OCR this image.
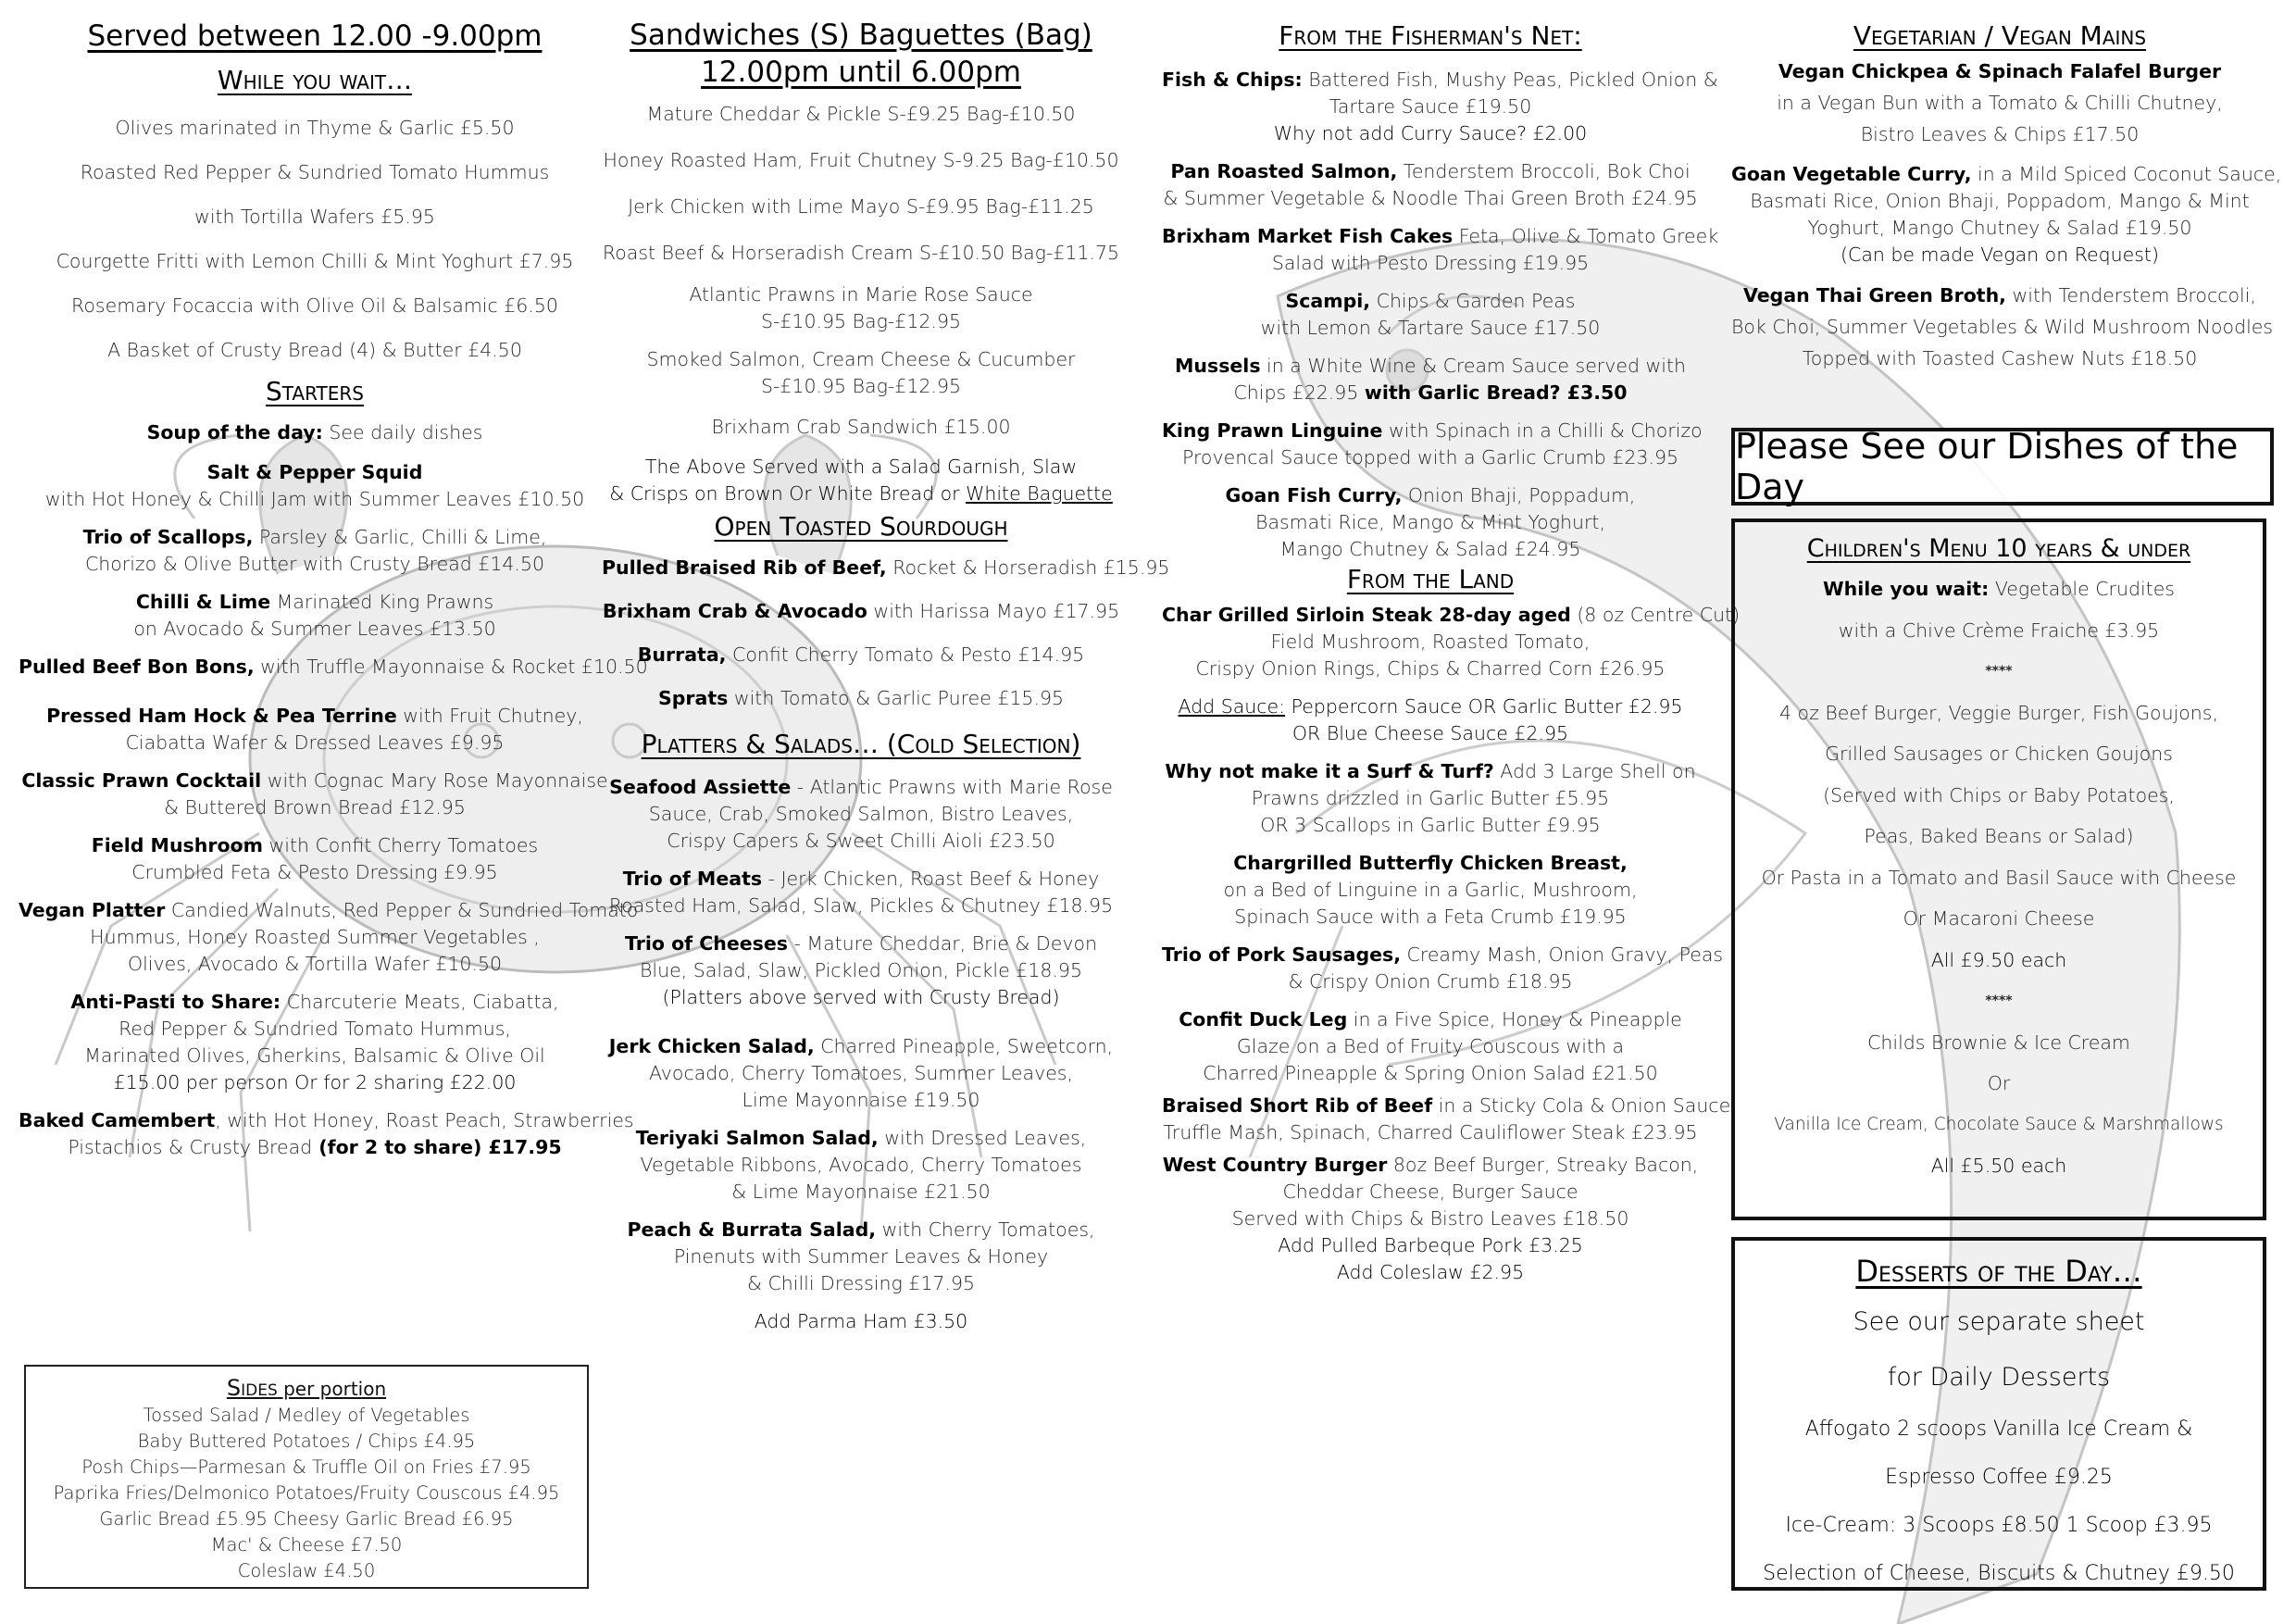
Served between 12.00 -9.00pm
While you wait…
Olives marinated in Thyme & Garlic £5.50
Roasted Red Pepper & Sundried Tomato Hummus
with Tortilla Wafers £5.95
Courgette Fritti with Lemon Chilli & Mint Yoghurt £7.95
Rosemary Focaccia with Olive Oil & Balsamic £6.50
A Basket of Crusty Bread (4) & Butter £4.50
Starters
Soup of the day: See daily dishes
Salt & Pepper Squid
with Hot Honey & Chilli Jam with Summer Leaves £10.50
Trio of Scallops, Parsley & Garlic, Chilli & Lime,
Chorizo & Olive Butter with Crusty Bread £14.50
Chilli & Lime Marinated King Prawns
on Avocado & Summer Leaves £13.50
Pulled Beef Bon Bons, with Truffle Mayonnaise & Rocket £10.50
Pressed Ham Hock & Pea Terrine with Fruit Chutney,
Ciabatta Wafer & Dressed Leaves £9.95
Classic Prawn Cocktail with Cognac Mary Rose Mayonnaise
& Buttered Brown Bread £12.95
Field Mushroom with Confit Cherry Tomatoes
Crumbled Feta & Pesto Dressing £9.95
Vegan Platter Candied Walnuts, Red Pepper & Sundried Tomato
Hummus, Honey Roasted Summer Vegetables ,
Olives, Avocado & Tortilla Wafer £10.50
Anti-Pasti to Share: Charcuterie Meats, Ciabatta,
Red Pepper & Sundried Tomato Hummus,
Marinated Olives, Gherkins, Balsamic & Olive Oil
£15.00 per person Or for 2 sharing £22.00
Baked Camembert, with Hot Honey, Roast Peach, Strawberries
Pistachios & Crusty Bread (for 2 to share) £17.95
Sides per portion
Tossed Salad / Medley of Vegetables
Baby Buttered Potatoes / Chips £4.95
Posh Chips—Parmesan & Truffle Oil on Fries £7.95
Paprika Fries/Delmonico Potatoes/Fruity Couscous £4.95
Garlic Bread £5.95 Cheesy Garlic Bread £6.95
Mac' & Cheese £7.50
Coleslaw £4.50
Sandwiches (S) Baguettes (Bag)
12.00pm until 6.00pm
Mature Cheddar & Pickle S-£9.25 Bag-£10.50
Honey Roasted Ham, Fruit Chutney S-9.25 Bag-£10.50
Jerk Chicken with Lime Mayo S-£9.95 Bag-£11.25
Roast Beef & Horseradish Cream S-£10.50 Bag-£11.75
Atlantic Prawns in Marie Rose Sauce
S-£10.95 Bag-£12.95
Smoked Salmon, Cream Cheese & Cucumber
S-£10.95 Bag-£12.95
Brixham Crab Sandwich £15.00
The Above Served with a Salad Garnish, Slaw
& Crisps on Brown Or White Bread or White Baguette
Open Toasted Sourdough
Pulled Braised Rib of Beef, Rocket & Horseradish £15.95
Brixham Crab & Avocado with Harissa Mayo £17.95
Burrata, Confit Cherry Tomato & Pesto £14.95
Sprats with Tomato & Garlic Puree £15.95
Platters & Salads… (Cold Selection)
Seafood Assiette - Atlantic Prawns with Marie Rose
Sauce, Crab, Smoked Salmon, Bistro Leaves,
Crispy Capers & Sweet Chilli Aioli £23.50
Trio of Meats - Jerk Chicken, Roast Beef & Honey
Roasted Ham, Salad, Slaw, Pickles & Chutney £18.95
Trio of Cheeses - Mature Cheddar, Brie & Devon
Blue, Salad, Slaw, Pickled Onion, Pickle £18.95
(Platters above served with Crusty Bread)
Jerk Chicken Salad, Charred Pineapple, Sweetcorn,
Avocado, Cherry Tomatoes, Summer Leaves,
Lime Mayonnaise £19.50
Teriyaki Salmon Salad, with Dressed Leaves,
Vegetable Ribbons, Avocado, Cherry Tomatoes
& Lime Mayonnaise £21.50
Peach & Burrata Salad, with Cherry Tomatoes,
Pinenuts with Summer Leaves & Honey
& Chilli Dressing £17.95
Add Parma Ham £3.50
From the Fisherman's Net:
Fish & Chips: Battered Fish, Mushy Peas, Pickled Onion &
Tartare Sauce £19.50
Why not add Curry Sauce? £2.00
Pan Roasted Salmon, Tenderstem Broccoli, Bok Choi
& Summer Vegetable & Noodle Thai Green Broth £24.95
Brixham Market Fish Cakes Feta, Olive & Tomato Greek
Salad with Pesto Dressing £19.95
Scampi, Chips & Garden Peas
with Lemon & Tartare Sauce £17.50
Mussels in a White Wine & Cream Sauce served with
Chips £22.95 with Garlic Bread? £3.50
King Prawn Linguine with Spinach in a Chilli & Chorizo
Provencal Sauce topped with a Garlic Crumb £23.95
Goan Fish Curry, Onion Bhaji, Poppadum,
Basmati Rice, Mango & Mint Yoghurt,
Mango Chutney & Salad £24.95
From the Land
Char Grilled Sirloin Steak 28-day aged (8 oz Centre Cut)
Field Mushroom, Roasted Tomato,
Crispy Onion Rings, Chips & Charred Corn £26.95
Add Sauce: Peppercorn Sauce OR Garlic Butter £2.95
OR Blue Cheese Sauce £2.95
Why not make it a Surf & Turf? Add 3 Large Shell on
Prawns drizzled in Garlic Butter £5.95
OR 3 Scallops in Garlic Butter £9.95
Chargrilled Butterfly Chicken Breast,
on a Bed of Linguine in a Garlic, Mushroom,
Spinach Sauce with a Feta Crumb £19.95
Trio of Pork Sausages, Creamy Mash, Onion Gravy, Peas
& Crispy Onion Crumb £18.95
Confit Duck Leg in a Five Spice, Honey & Pineapple
Glaze on a Bed of Fruity Couscous with a
Charred Pineapple & Spring Onion Salad £21.50
Braised Short Rib of Beef in a Sticky Cola & Onion Sauce,
Truffle Mash, Spinach, Charred Cauliflower Steak £23.95
West Country Burger 8oz Beef Burger, Streaky Bacon,
Cheddar Cheese, Burger Sauce
Served with Chips & Bistro Leaves £18.50
Add Pulled Barbeque Pork £3.25
Add Coleslaw £2.95
Vegetarian / Vegan Mains
Vegan Chickpea & Spinach Falafel Burger
in a Vegan Bun with a Tomato & Chilli Chutney,
Bistro Leaves & Chips £17.50
Goan Vegetable Curry, in a Mild Spiced Coconut Sauce,
Basmati Rice, Onion Bhaji, Poppadom, Mango & Mint
Yoghurt, Mango Chutney & Salad £19.50
(Can be made Vegan on Request)
Vegan Thai Green Broth, with Tenderstem Broccoli,
Bok Choi, Summer Vegetables & Wild Mushroom Noodles
Topped with Toasted Cashew Nuts £18.50
Please See our Dishes of the Day
Children's Menu 10 years & under
While you wait: Vegetable Crudites
with a Chive Crème Fraiche £3.95
****
4 oz Beef Burger, Veggie Burger, Fish Goujons,
Grilled Sausages or Chicken Goujons
(Served with Chips or Baby Potatoes,
Peas, Baked Beans or Salad)
Or Pasta in a Tomato and Basil Sauce with Cheese
Or Macaroni Cheese
All £9.50 each
****
Childs Brownie & Ice Cream
Or
Vanilla Ice Cream, Chocolate Sauce & Marshmallows
All £5.50 each
Desserts of the Day…
See our separate sheet
for Daily Desserts
Affogato 2 scoops Vanilla Ice Cream &
Espresso Coffee £9.25
Ice-Cream: 3 Scoops £8.50 1 Scoop £3.95
Selection of Cheese, Biscuits & Chutney £9.50
